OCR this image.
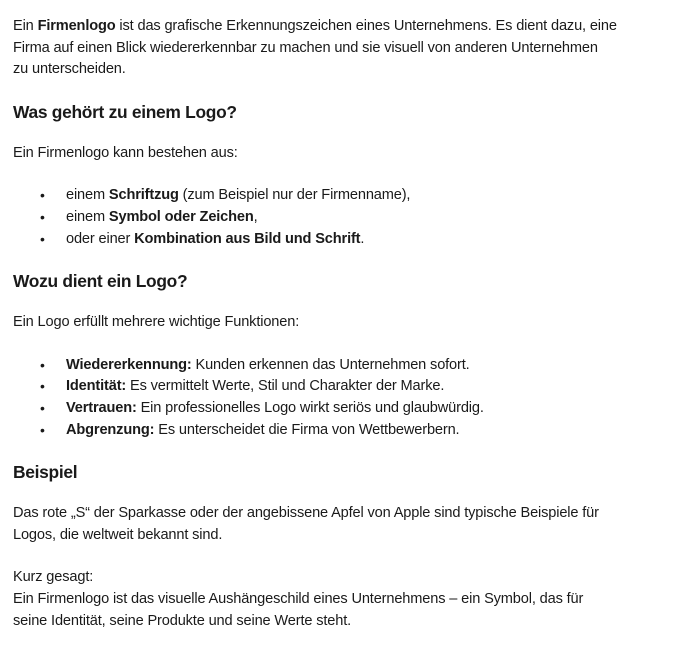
Ein Firmenlogo ist das grafische Erkennungszeichen eines Unternehmens. Es dient dazu, eine

Firma auf einen Blick wiedererkennbar zu machen und sie visuell von anderen Unternehmen

zu unterscheiden.

Was gehört zu einem Logo?

Ein Firmenlogo kann bestehen aus:

• einem Schriftzug (zum Beispiel nur der Firmenname),
• einem Symbol oder Zeichen,
• oder einer Kombination aus Bild und Schrift.
Wozu dient ein Logo?

Ein Logo erfüllt mehrere wichtige Funktionen:

• Wiedererkennung: Kunden erkennen das Unternehmen sofort.
• Identität: Es vermittelt Werte, Stil und Charakter der Marke.
• Vertrauen: Ein professionelles Logo wirkt seriös und glaubwürdig.
• Abgrenzung: Es unterscheidet die Firma von Wettbewerbern.
Beispiel

Das rote „S“ der Sparkasse oder der angebissene Apfel von Apple sind typische Beispiele für

Logos, die weltweit bekannt sind.

Kurz gesagt:

Ein Firmenlogo ist das visuelle Aushängeschild eines Unternehmens – ein Symbol, das für

seine Identität, seine Produkte und seine Werte steht.
